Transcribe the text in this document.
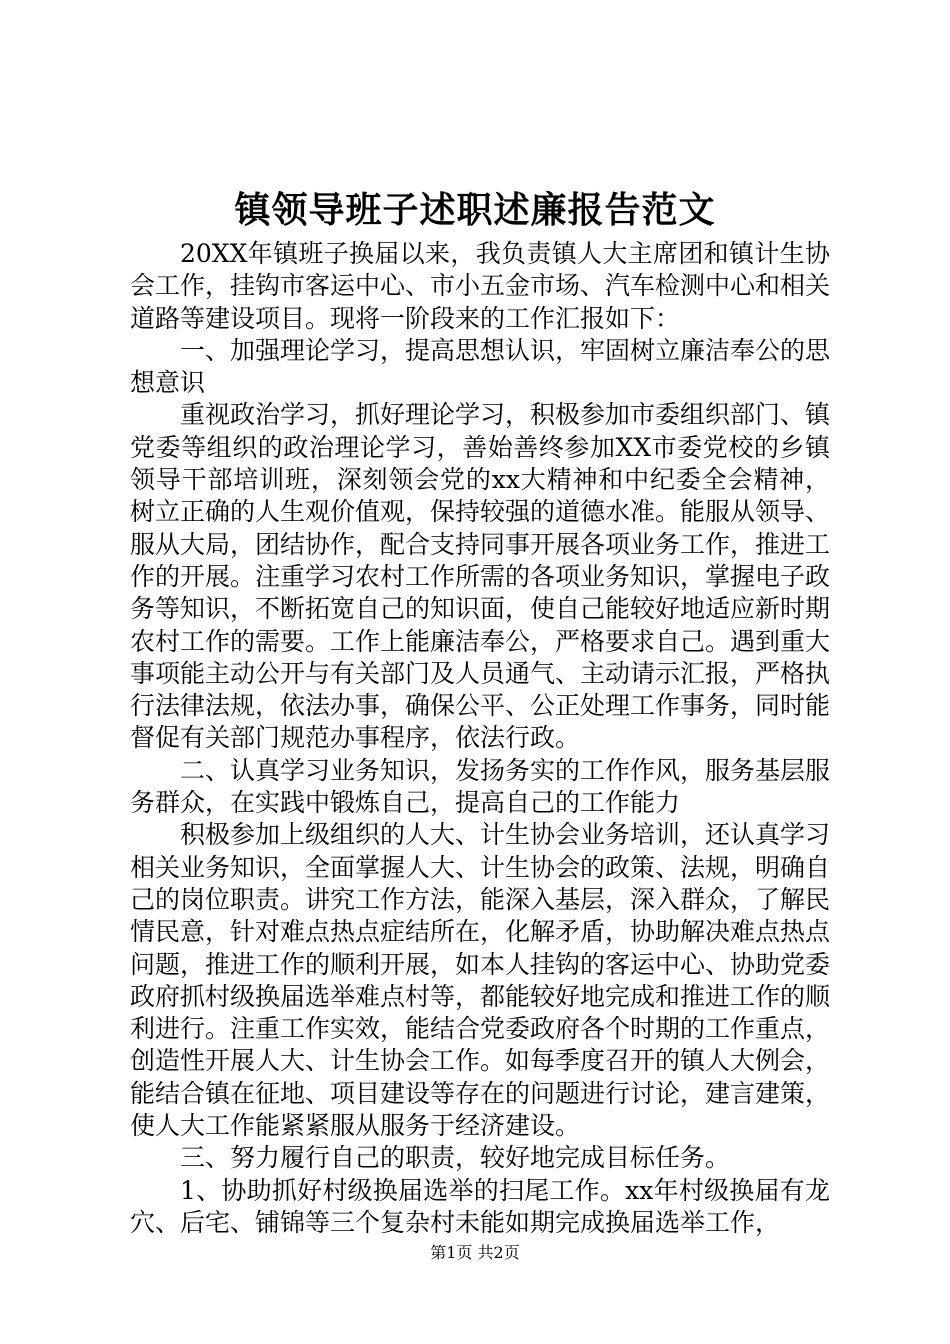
镇领导班子述职述廉报告范文

20XX年镇班子换届以来，我负责镇人大主席团和镇计生协会工作，挂钩市客运中心、市小五金市场、汽车检测中心和相关道路等建设项目。现将一阶段来的工作汇报如下：

一、加强理论学习，提高思想认识，牢固树立廉洁奉公的思想意识

重视政治学习，抓好理论学习，积极参加市委组织部门、镇党委等组织的政治理论学习，善始善终参加XX市委党校的乡镇领导干部培训班，深刻领会党的xx大精神和中纪委全会精神，树立正确的人生观价值观，保持较强的道德水准。能服从领导、服从大局，团结协作，配合支持同事开展各项业务工作，推进工作的开展。注重学习农村工作所需的各项业务知识，掌握电子政务等知识，不断拓宽自己的知识面，使自己能较好地适应新时期农村工作的需要。工作上能廉洁奉公，严格要求自己。遇到重大事项能主动公开与有关部门及人员通气、主动请示汇报，严格执行法律法规，依法办事，确保公平、公正处理工作事务，同时能督促有关部门规范办事程序，依法行政。

二、认真学习业务知识，发扬务实的工作作风，服务基层服务群众，在实践中锻炼自己，提高自己的工作能力

积极参加上级组织的人大、计生协会业务培训，还认真学习相关业务知识，全面掌握人大、计生协会的政策、法规，明确自己的岗位职责。讲究工作方法，能深入基层，深入群众，了解民情民意，针对难点热点症结所在，化解矛盾，协助解决难点热点问题，推进工作的顺利开展，如本人挂钩的客运中心、协助党委政府抓村级换届选举难点村等，都能较好地完成和推进工作的顺利进行。注重工作实效，能结合党委政府各个时期的工作重点，创造性开展人大、计生协会工作。如每季度召开的镇人大例会，能结合镇在征地、项目建设等存在的问题进行讨论，建言建策，使人大工作能紧紧服从服务于经济建设。

三、努力履行自己的职责，较好地完成目标任务。

1、协助抓好村级换届选举的扫尾工作。xx年村级换届有龙穴、后宅、铺锦等三个复杂村未能如期完成换届选举工作，

第1页 共2页
